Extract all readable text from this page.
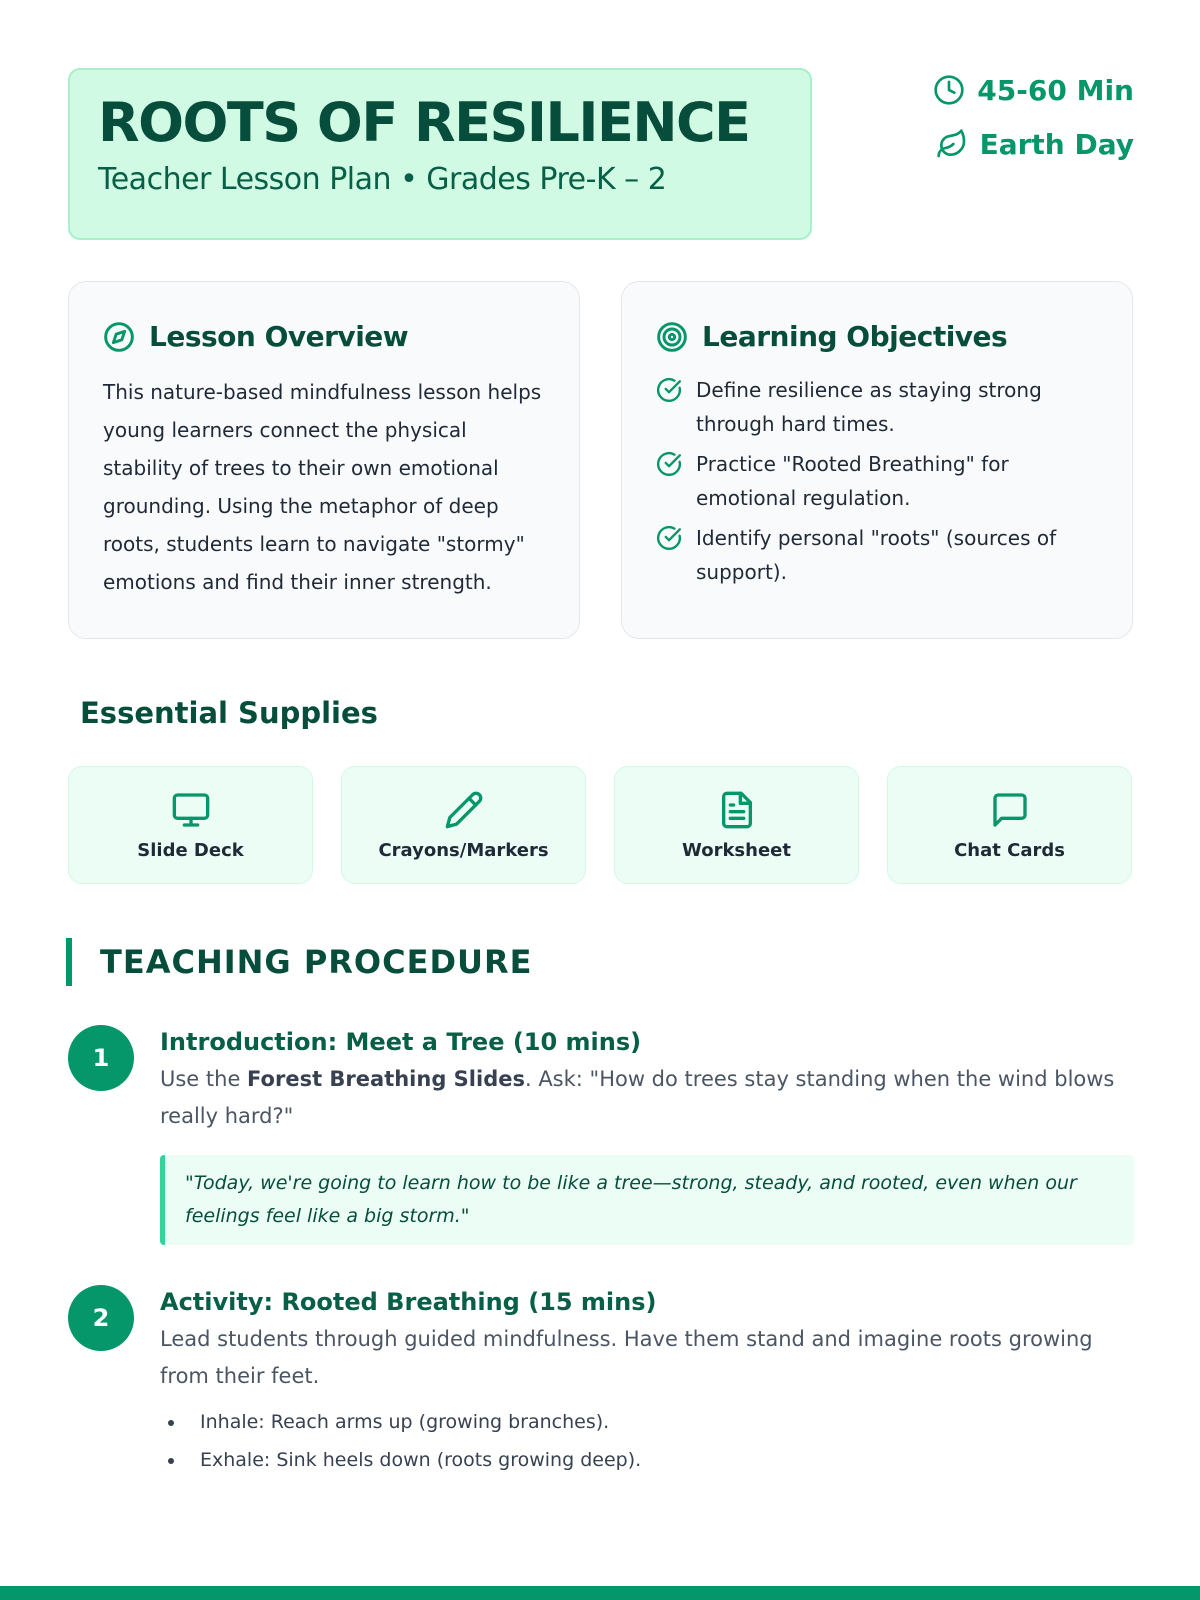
ROOTS OF RESILIENCE
Teacher Lesson Plan • Grades Pre-K – 2
45-60 Min
Earth Day
Lesson Overview

This nature-based mindfulness lesson helps young learners connect the physical stability of trees to their own emotional grounding. Using the metaphor of deep roots, students learn to navigate "stormy" emotions and find their inner strength.

Learning Objectives
Define resilience as staying strong through hard times.
Practice "Rooted Breathing" for emotional regulation.
Identify personal "roots" (sources of support).
Essential Supplies
Slide Deck	Crayons/Markers	Worksheet	Chat Cards
TEACHING PROCEDURE
1
Introduction: Meet a Tree (10 mins)

Use the Forest Breathing Slides. Ask: "How do trees stay standing when the wind blows really hard?"

"Today, we're going to learn how to be like a tree—strong, steady, and rooted, even when our feelings feel like a big storm."
2
Activity: Rooted Breathing (15 mins)

Lead students through guided mindfulness. Have them stand and imagine roots growing from their feet.

• Inhale: Reach arms up (growing branches).
• Exhale: Sink heels down (roots growing deep).
